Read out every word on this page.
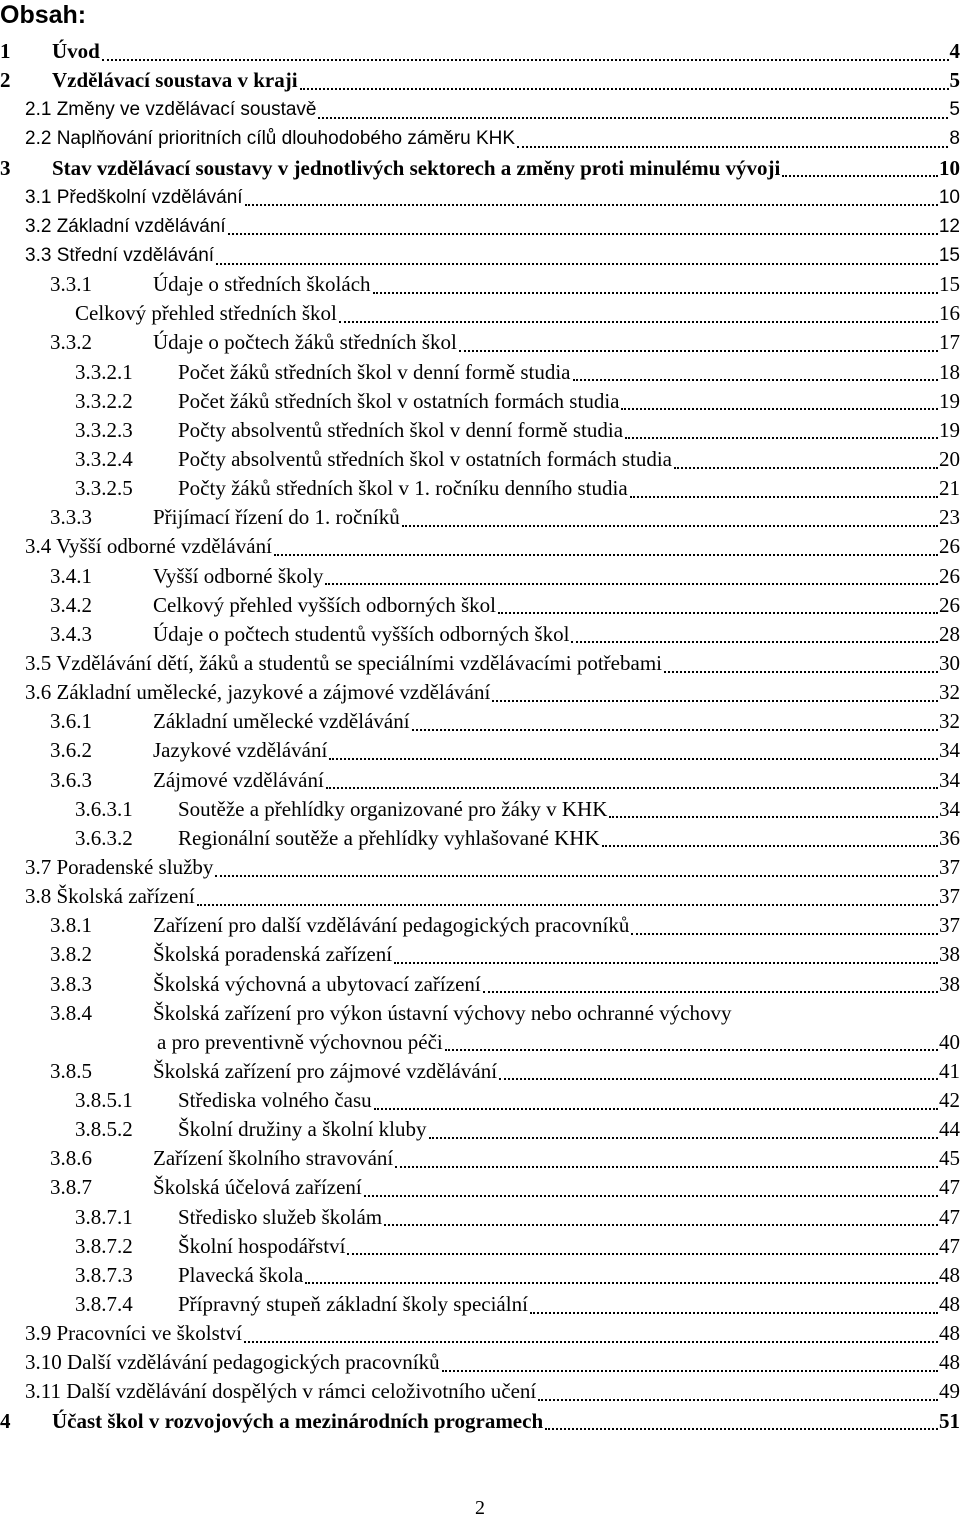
Obsah:
1	Úvod	4
2	Vzdělávací soustava v kraji	5
2.1 Změny ve vzdělávací soustavě	5
2.2 Naplňování prioritních cílů dlouhodobého záměru KHK	8
3	Stav vzdělávací soustavy v jednotlivých sektorech a změny proti minulému vývoji	10
3.1 Předškolní vzdělávání	10
3.2 Základní vzdělávání	12
3.3 Střední vzdělávání	15
3.3.1	Údaje o středních školách	15
Celkový přehled středních škol	16
3.3.2	Údaje o počtech žáků středních škol	17
3.3.2.1	Počet žáků středních škol v denní formě studia	18
3.3.2.2	Počet žáků středních škol v ostatních formách studia	19
3.3.2.3	Počty absolventů středních škol v denní formě studia	19
3.3.2.4	Počty absolventů středních škol v ostatních formách studia	20
3.3.2.5	Počty žáků středních škol v 1. ročníku denního studia	21
3.3.3	Přijímací řízení do 1. ročníků	23
3.4 Vyšší odborné vzdělávání	26
3.4.1	Vyšší odborné školy	26
3.4.2	Celkový přehled vyšších odborných škol	26
3.4.3	Údaje o počtech studentů vyšších odborných škol	28
3.5 Vzdělávání dětí, žáků a studentů se speciálními vzdělávacími potřebami	30
3.6 Základní umělecké, jazykové a zájmové vzdělávání	32
3.6.1	Základní umělecké vzdělávání	32
3.6.2	Jazykové vzdělávání	34
3.6.3	Zájmové vzdělávání	34
3.6.3.1	Soutěže a přehlídky organizované pro žáky v KHK	34
3.6.3.2	Regionální soutěže a přehlídky vyhlašované KHK	36
3.7 Poradenské služby	37
3.8 Školská zařízení	37
3.8.1	Zařízení pro další vzdělávání pedagogických pracovníků	37
3.8.2	Školská poradenská zařízení	38
3.8.3	Školská výchovná a ubytovací zařízení	38
3.8.4	Školská zařízení pro výkon ústavní výchovy nebo ochranné výchovy
a pro preventivně výchovnou péči	40
3.8.5	Školská zařízení pro zájmové vzdělávání	41
3.8.5.1	Střediska volného času	42
3.8.5.2	Školní družiny a školní kluby	44
3.8.6	Zařízení školního stravování	45
3.8.7	Školská účelová zařízení	47
3.8.7.1	Středisko služeb školám	47
3.8.7.2	Školní hospodářství	47
3.8.7.3	Plavecká škola	48
3.8.7.4	Přípravný stupeň základní školy speciální	48
3.9 Pracovníci ve školství	48
3.10 Další vzdělávání pedagogických pracovníků	48
3.11 Další vzdělávání dospělých v rámci celoživotního učení	49
4	Účast škol v rozvojových a mezinárodních programech	51
2
